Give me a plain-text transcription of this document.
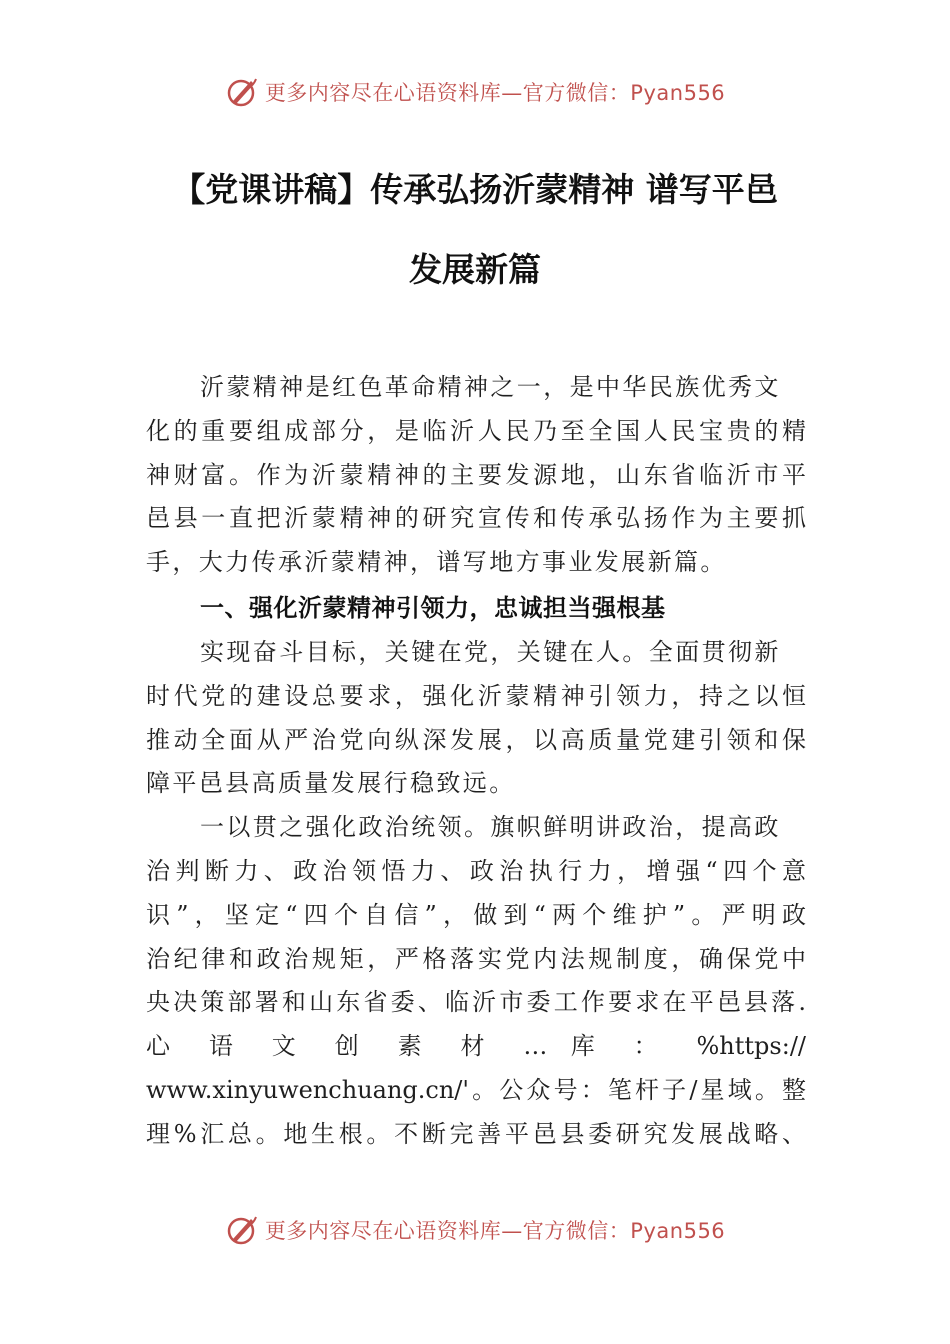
更多内容尽在心语资料库—官方微信：Pyan556
【党课讲稿】传承弘扬沂蒙精神 谱写平邑
发展新篇
沂蒙精神是红色革命精神之一，是中华民族优秀文
化的重要组成部分，是临沂人民乃至全国人民宝贵的精
神财富。作为沂蒙精神的主要发源地，山东省临沂市平
邑县一直把沂蒙精神的研究宣传和传承弘扬作为主要抓
手，大力传承沂蒙精神，谱写地方事业发展新篇。
一、强化沂蒙精神引领力，忠诚担当强根基
实现奋斗目标，关键在党，关键在人。全面贯彻新
时代党的建设总要求，强化沂蒙精神引领力，持之以恒
推动全面从严治党向纵深发展，以高质量党建引领和保
障平邑县高质量发展行稳致远。
一以贯之强化政治统领。旗帜鲜明讲政治，提高政
治判断力、政治领悟力、政治执行力，增强“四个意
识”，坚定“四个自信”，做到“两个维护”。严明政
治纪律和政治规矩，严格落实党内法规制度，确保党中
央决策部署和山东省委、临沂市委工作要求在平邑县落.
心 语 文 创 素 材 … 库 ： %https://
www.xinyuwenchuang.cn/'。公众号：笔杆子/星域。整
理%汇总。地生根。不断完善平邑县委研究发展战略、
更多内容尽在心语资料库—官方微信：Pyan556
